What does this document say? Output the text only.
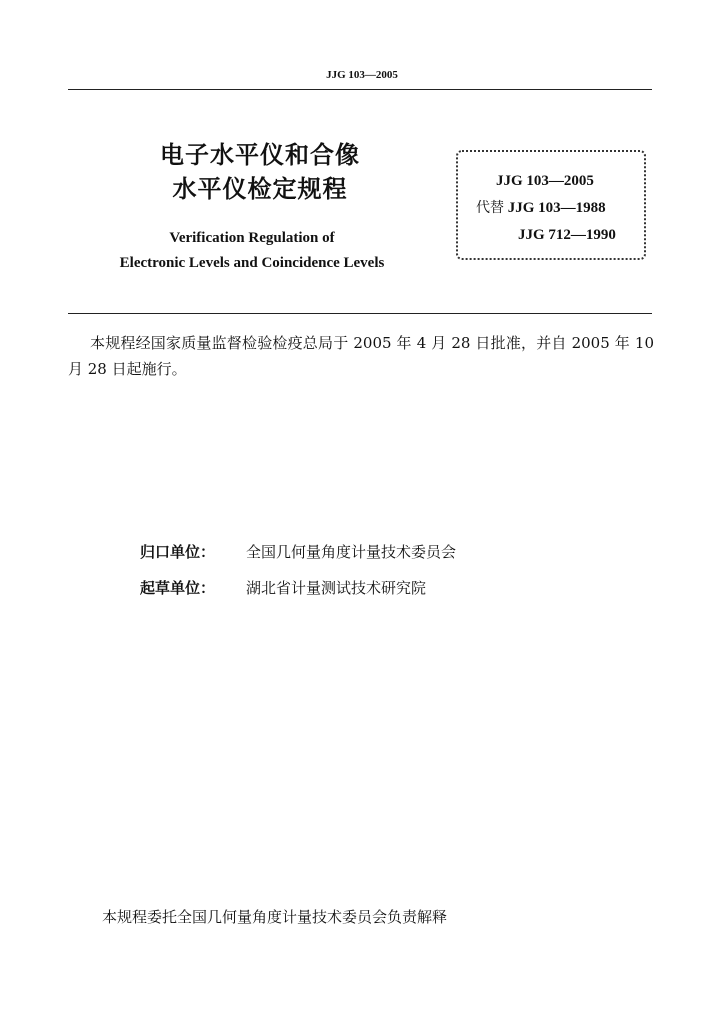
JJG 103—2005
电子水平仪和合像
水平仪检定规程
Verification Regulation of
Electronic Levels and Coincidence Levels
JJG 103—2005
代替 JJG 103—1988
JJG 712—1990
本规程经国家质量监督检验检疫总局于 2005 年 4 月 28 日批准，并自 2005 年 10 月 28 日起施行。
归口单位： 全国几何量角度计量技术委员会
起草单位： 湖北省计量测试技术研究院
本规程委托全国几何量角度计量技术委员会负责解释
